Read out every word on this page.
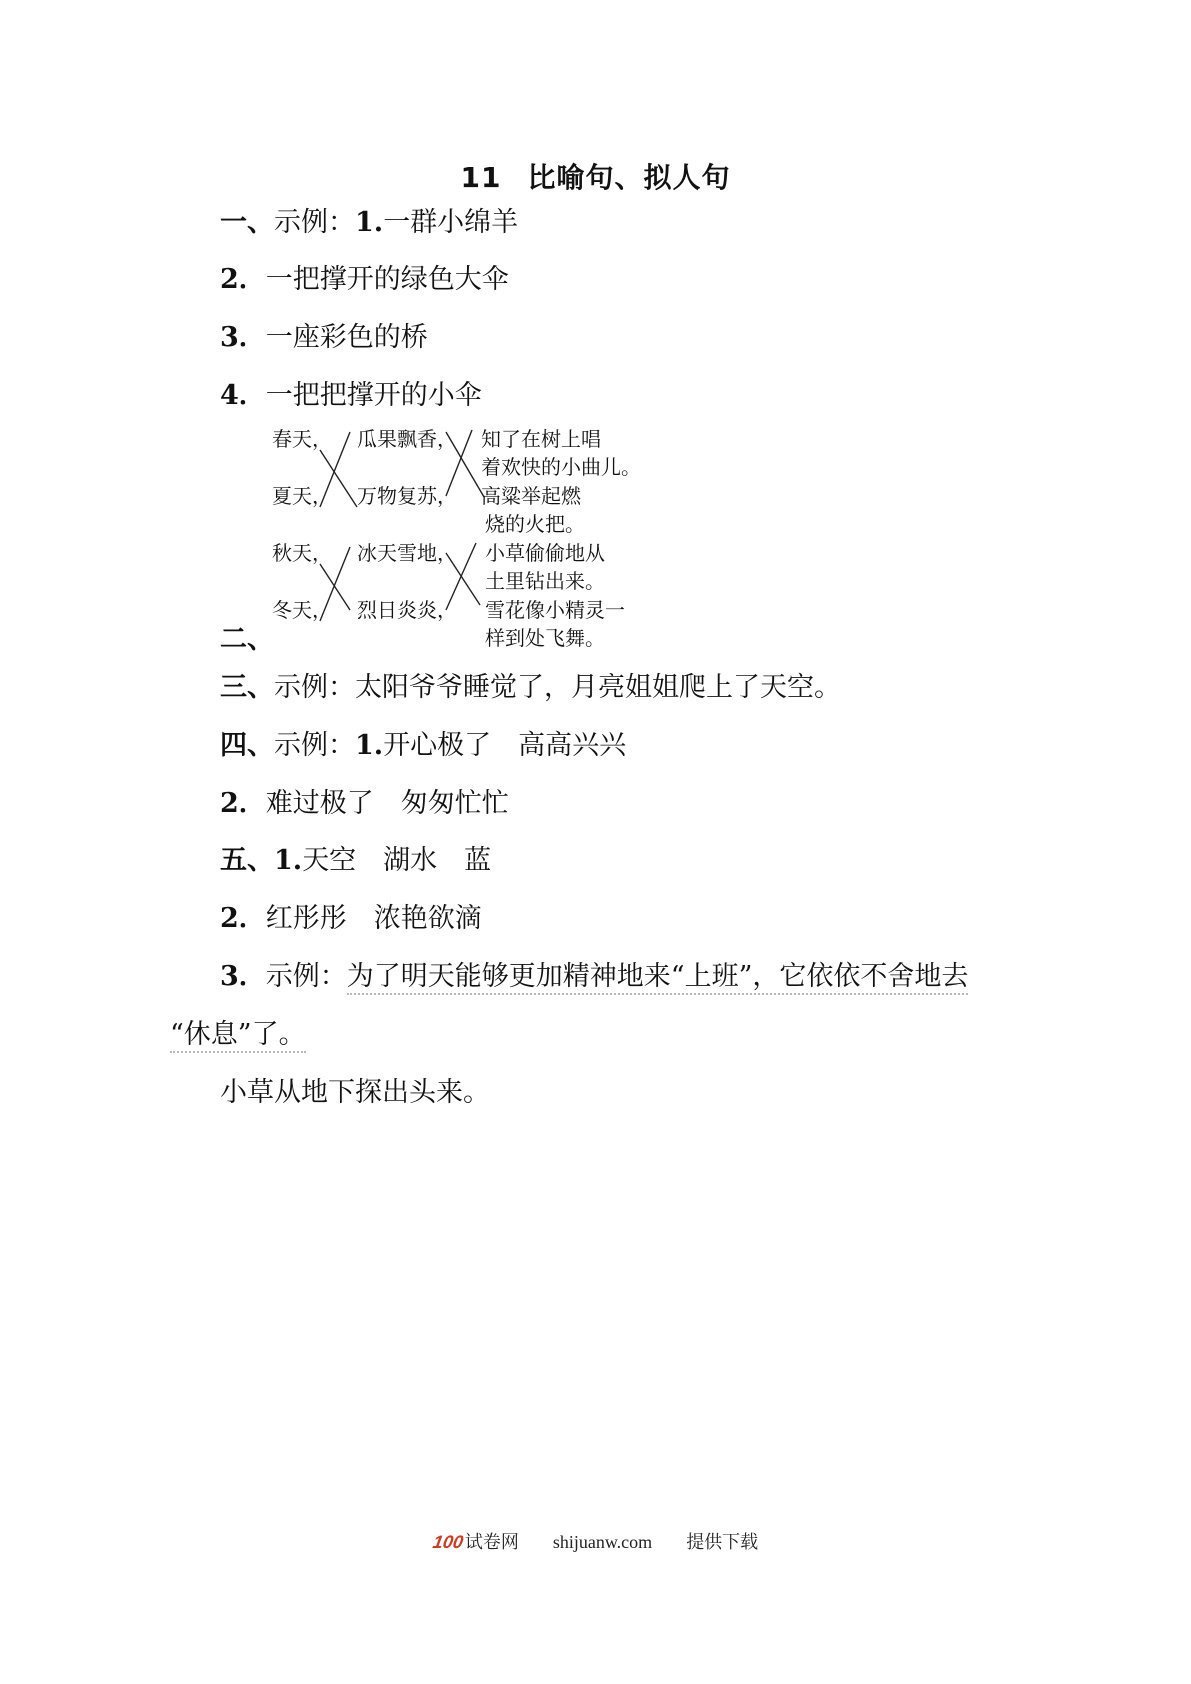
11 比喻句、拟人句
一、示例：1.一群小绵羊
2．一把撑开的绿色大伞
3．一座彩色的桥
4．一把把撑开的小伞
二、
春天，
夏天，
秋天，
冬天，
瓜果飘香，
万物复苏，
冰天雪地，
烈日炎炎，
知了在树上唱
着欢快的小曲儿。
高粱举起燃
烧的火把。
小草偷偷地从
土里钻出来。
雪花像小精灵一
样到处飞舞。
三、示例：太阳爷爷睡觉了，月亮姐姐爬上了天空。
四、示例：1.开心极了　高高兴兴
2．难过极了　匆匆忙忙
五、1.天空　湖水　蓝
2．红彤彤　浓艳欲滴
3．示例：为了明天能够更加精神地来“上班”，它依依不舍地去
“休息”了。
小草从地下探出头来。
100试卷网 shijuanw.com 提供下载
